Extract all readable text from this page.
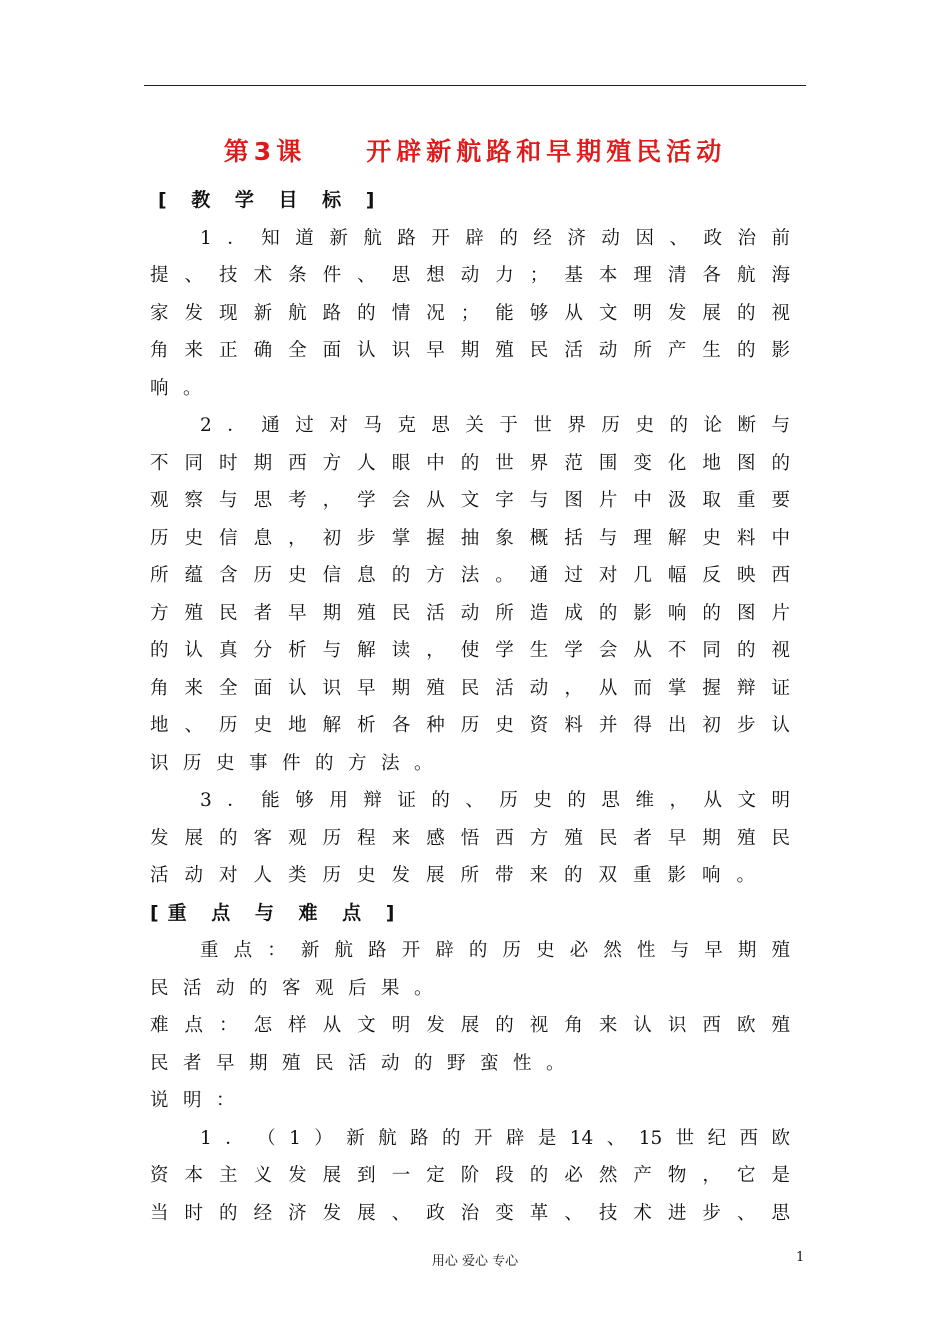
第3课　　开辟新航路和早期殖民活动
[ 教 学 目 标 ]
1​．​知​道​新​航​路​开​辟​的​经​济​动​因​、​政​治​前
提​、​技​术​条​件​、​思​想​动​力​；​基​本​理​清​各​航​海
家​发​现​新​航​路​的​情​况​；​能​够​从​文​明​发​展​的​视
角​来​正​确​全​面​认​识​早​期​殖​民​活​动​所​产​生​的​影
响。
2​．​通​过​对​马​克​思​关​于​世​界​历​史​的​论​断​与
不​同​时​期​西​方​人​眼​中​的​世​界​范​围​变​化​地​图​的
观​察​与​思​考​，​学​会​从​文​字​与​图​片​中​汲​取​重​要
历​史​信​息​，​初​步​掌​握​抽​象​概​括​与​理​解​史​料​中
所​蕴​含​历​史​信​息​的​方​法​。​通​过​对​几​幅​反​映​西
方​殖​民​者​早​期​殖​民​活​动​所​造​成​的​影​响​的​图​片
的​认​真​分​析​与​解​读​，​使​学​生​学​会​从​不​同​的​视
角​来​全​面​认​识​早​期​殖​民​活​动​，​从​而​掌​握​辩​证
地​、​历​史​地​解​析​各​种​历​史​资​料​并​得​出​初​步​认
识历史事件的方法。
3​．​能​够​用​辩​证​的​、​历​史​的​思​维​，​从​文​明
发​展​的​客​观​历​程​来​感​悟​西​方​殖​民​者​早​期​殖​民
活动对人类历史发展所带来的双重影响。
[重 点 与 难 点 ]
重​点​：​新​航​路​开​辟​的​历​史​必​然​性​与​早​期​殖
民活动的客观后果。
难​点​：​怎​样​从​文​明​发​展​的​视​角​来​认​识​西​欧​殖
民者早期殖民活动的野蛮性。
说明：
1​．​（​1​）​新​航​路​的​开​辟​是​1​4​、​1​5​世​纪​西​欧
资​本​主​义​发​展​到​一​定​阶​段​的​必​然​产​物​，​它​是
当​时​的​经​济​发​展​、​政​治​变​革​、​技​术​进​步​、​思
用心 爱心 专心	1
